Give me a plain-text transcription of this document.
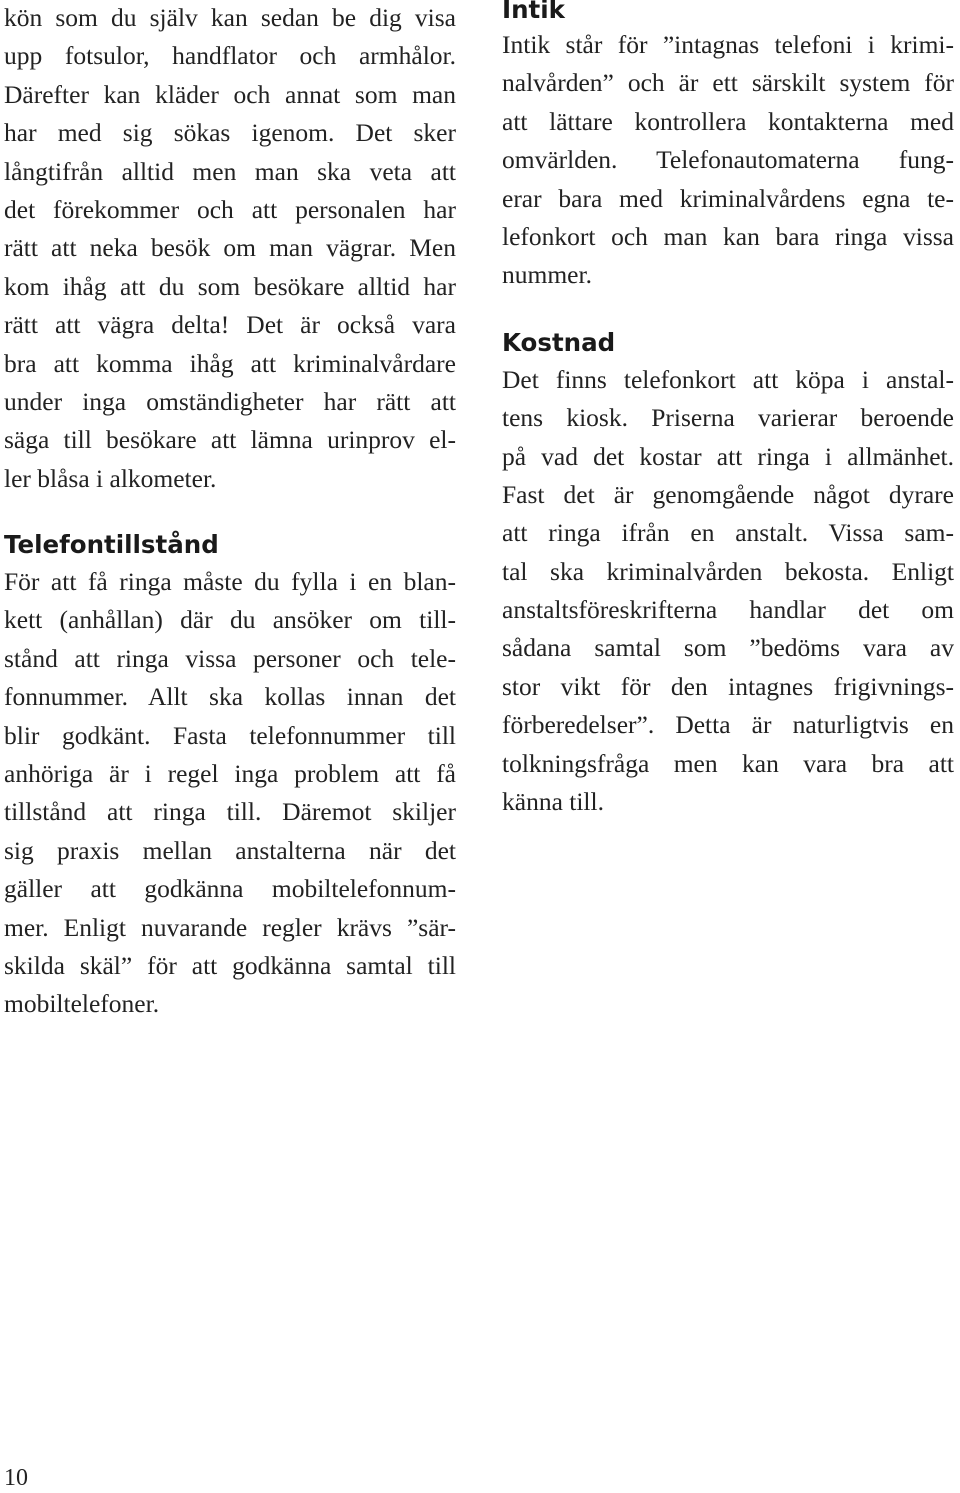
kön som du själv kan sedan be dig visa
upp fotsulor, handflator och armhålor.
Därefter kan kläder och annat som man
har med sig sökas igenom. Det sker
långtifrån alltid men man ska veta att
det förekommer och att personalen har
rätt att neka besök om man vägrar. Men
kom ihåg att du som besökare alltid har
rätt att vägra delta! Det är också vara
bra att komma ihåg att kriminalvårdare
under inga omständigheter har rätt att
säga till besökare att lämna urinprov el-
ler blåsa i alkometer.
Telefontillstånd
För att få ringa måste du fylla i en blan-
kett (anhållan) där du ansöker om till-
stånd att ringa vissa personer och tele-
fonnummer. Allt ska kollas innan det
blir godkänt. Fasta telefonnummer till
anhöriga är i regel inga problem att få
tillstånd att ringa till. Däremot skiljer
sig praxis mellan anstalterna när det
gäller att godkänna mobiltelefonnum-
mer. Enligt nuvarande regler krävs ”sär-
skilda skäl” för att godkänna samtal till
mobiltelefoner.
Intik
Intik står för ”intagnas telefoni i krimi-
nalvården” och är ett särskilt system för
att lättare kontrollera kontakterna med
omvärlden. Telefonautomaterna fung-
erar bara med kriminalvårdens egna te-
lefonkort och man kan bara ringa vissa
nummer.
Kostnad
Det finns telefonkort att köpa i anstal-
tens kiosk. Priserna varierar beroende
på vad det kostar att ringa i allmänhet.
Fast det är genomgående något dyrare
att ringa ifrån en anstalt. Vissa sam-
tal ska kriminalvården bekosta. Enligt
anstaltsföreskrifterna handlar det om
sådana samtal som ”bedöms vara av
stor vikt för den intagnes frigivnings-
förberedelser”. Detta är naturligtvis en
tolkningsfråga men kan vara bra att
känna till.
10
